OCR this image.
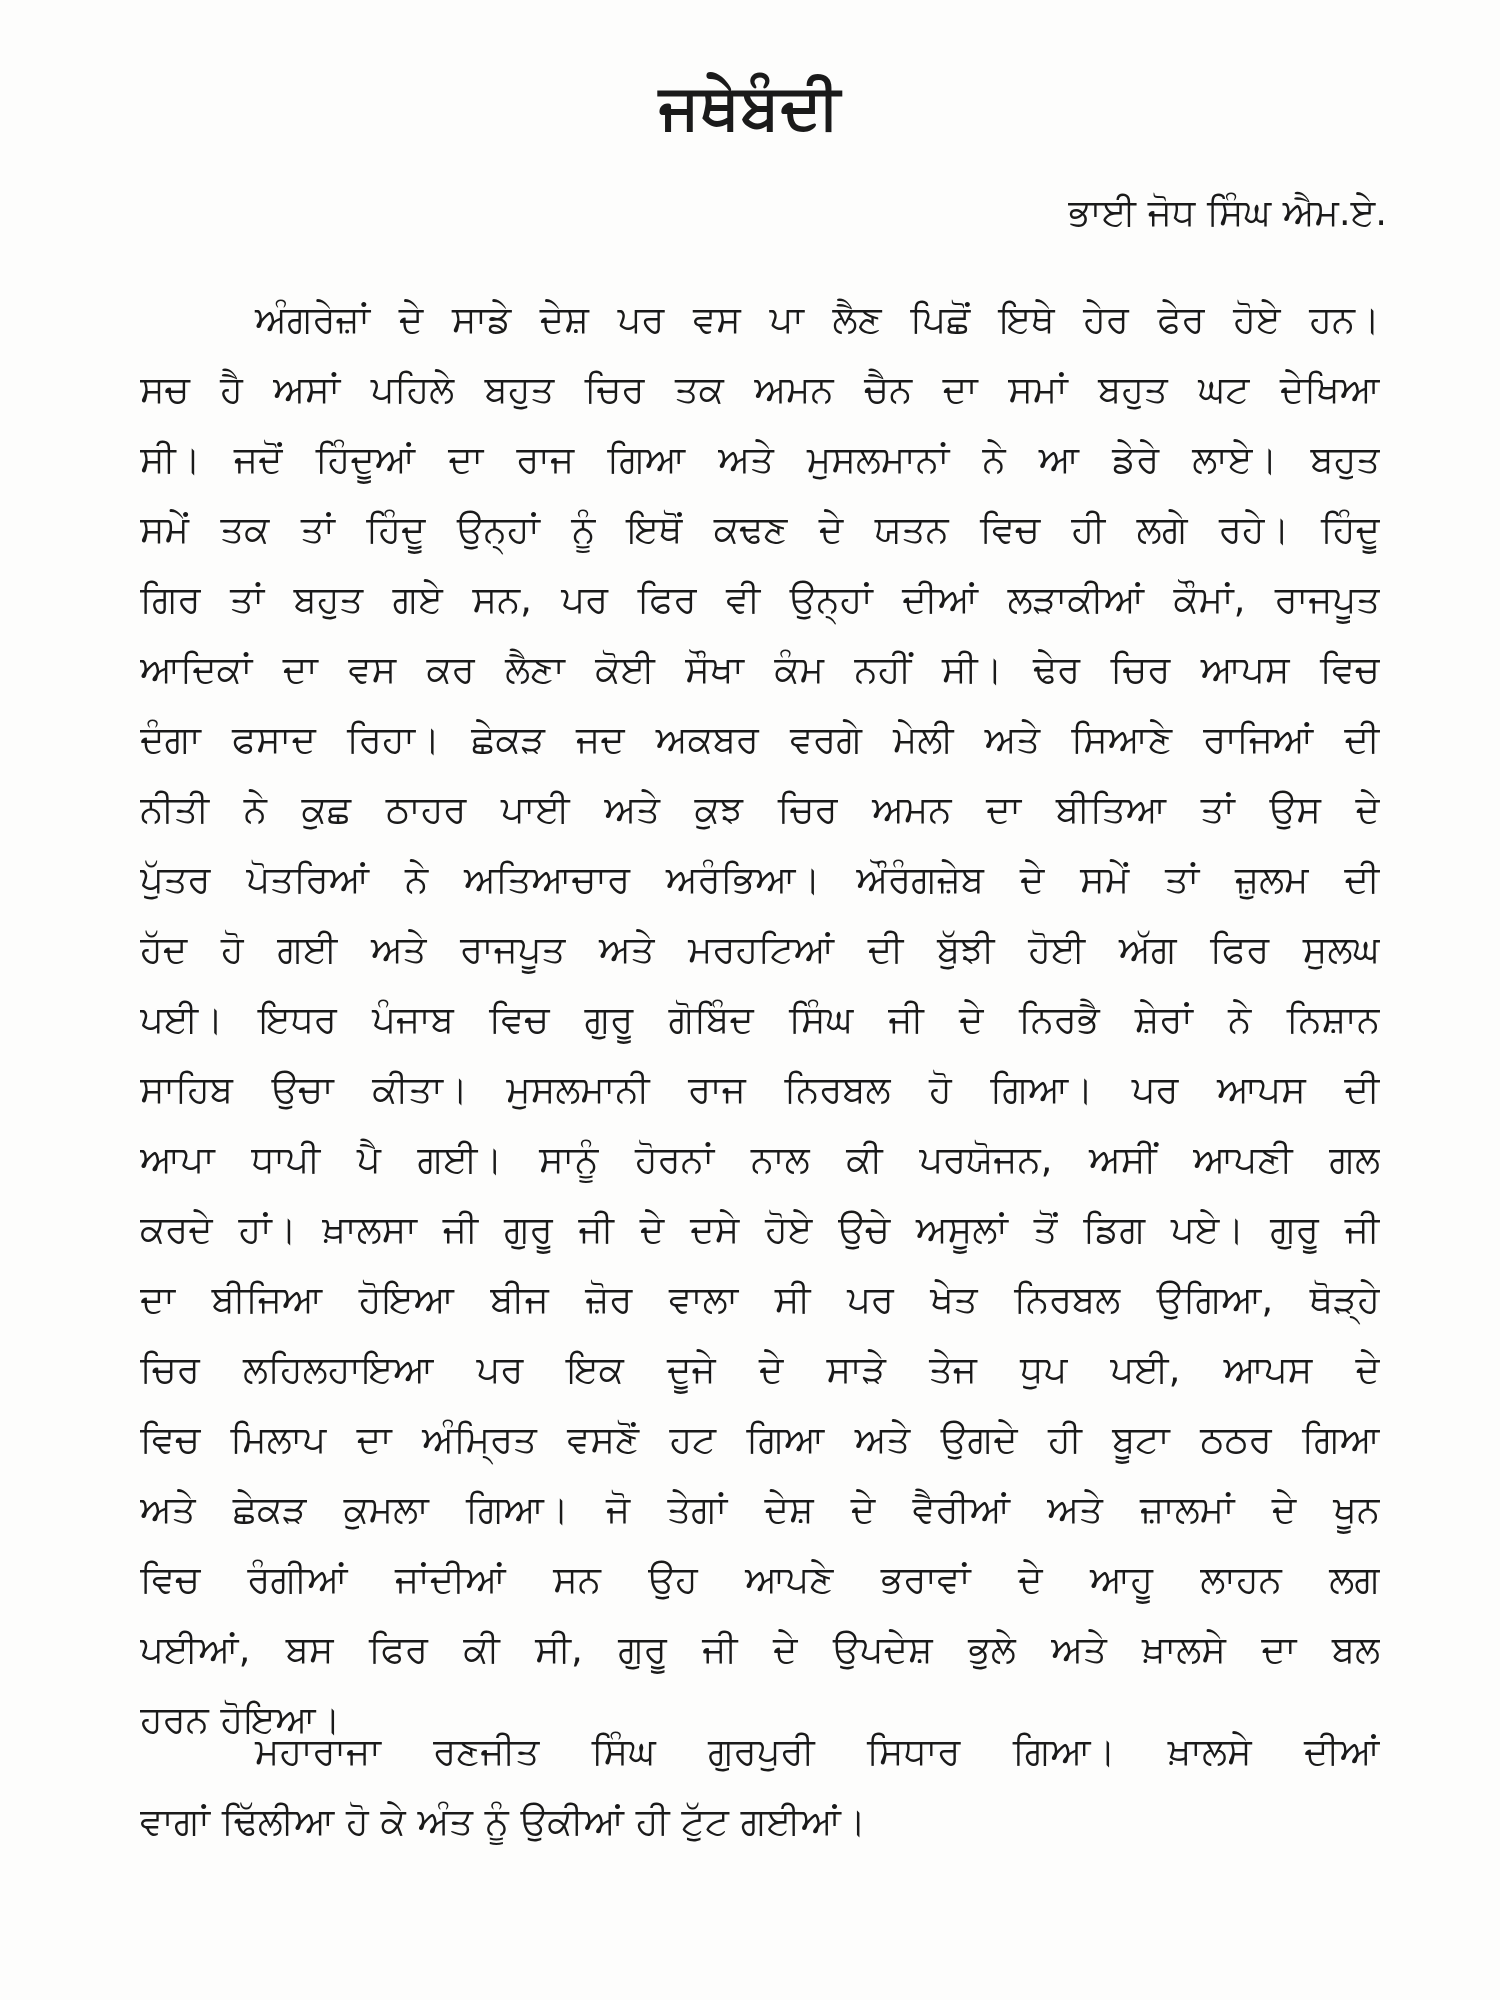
ਜਥੇਬੰਦੀ
ਭਾਈ ਜੋਧ ਸਿੰਘ ਐਮ.ਏ.
ਅੰਗਰੇਜ਼ਾਂ ਦੇ ਸਾਡੇ ਦੇਸ਼ ਪਰ ਵਸ ਪਾ ਲੈਣ ਪਿਛੋਂ ਇਥੇ ਹੇਰ ਫੇਰ ਹੋਏ ਹਨ।
ਸਚ ਹੈ ਅਸਾਂ ਪਹਿਲੇ ਬਹੁਤ ਚਿਰ ਤਕ ਅਮਨ ਚੈਨ ਦਾ ਸਮਾਂ ਬਹੁਤ ਘਟ ਦੇਖਿਆ
ਸੀ। ਜਦੋਂ ਹਿੰਦੂਆਂ ਦਾ ਰਾਜ ਗਿਆ ਅਤੇ ਮੁਸਲਮਾਨਾਂ ਨੇ ਆ ਡੇਰੇ ਲਾਏ। ਬਹੁਤ
ਸਮੇਂ ਤਕ ਤਾਂ ਹਿੰਦੂ ਉਨ੍ਹਾਂ ਨੂੰ ਇਥੋਂ ਕਢਣ ਦੇ ਯਤਨ ਵਿਚ ਹੀ ਲਗੇ ਰਹੇ। ਹਿੰਦੂ
ਗਿਰ ਤਾਂ ਬਹੁਤ ਗਏ ਸਨ, ਪਰ ਫਿਰ ਵੀ ਉਨ੍ਹਾਂ ਦੀਆਂ ਲੜਾਕੀਆਂ ਕੌਮਾਂ, ਰਾਜਪੂਤ
ਆਦਿਕਾਂ ਦਾ ਵਸ ਕਰ ਲੈਣਾ ਕੋਈ ਸੌਖਾ ਕੰਮ ਨਹੀਂ ਸੀ। ਢੇਰ ਚਿਰ ਆਪਸ ਵਿਚ
ਦੰਗਾ ਫਸਾਦ ਰਿਹਾ। ਛੇਕੜ ਜਦ ਅਕਬਰ ਵਰਗੇ ਮੇਲੀ ਅਤੇ ਸਿਆਣੇ ਰਾਜਿਆਂ ਦੀ
ਨੀਤੀ ਨੇ ਕੁਛ ਠਾਹਰ ਪਾਈ ਅਤੇ ਕੁਝ ਚਿਰ ਅਮਨ ਦਾ ਬੀਤਿਆ ਤਾਂ ਉਸ ਦੇ
ਪੁੱਤਰ ਪੋਤਰਿਆਂ ਨੇ ਅਤਿਆਚਾਰ ਅਰੰਭਿਆ। ਔਰੰਗਜ਼ੇਬ ਦੇ ਸਮੇਂ ਤਾਂ ਜ਼ੁਲਮ ਦੀ
ਹੱਦ ਹੋ ਗਈ ਅਤੇ ਰਾਜਪੂਤ ਅਤੇ ਮਰਹਟਿਆਂ ਦੀ ਬੁੱਝੀ ਹੋਈ ਅੱਗ ਫਿਰ ਸੁਲਘ
ਪਈ। ਇਧਰ ਪੰਜਾਬ ਵਿਚ ਗੁਰੂ ਗੋਬਿੰਦ ਸਿੰਘ ਜੀ ਦੇ ਨਿਰਭੈ ਸ਼ੇਰਾਂ ਨੇ ਨਿਸ਼ਾਨ
ਸਾਹਿਬ ਉਚਾ ਕੀਤਾ। ਮੁਸਲਮਾਨੀ ਰਾਜ ਨਿਰਬਲ ਹੋ ਗਿਆ। ਪਰ ਆਪਸ ਦੀ
ਆਪਾ ਧਾਪੀ ਪੈ ਗਈ। ਸਾਨੂੰ ਹੋਰਨਾਂ ਨਾਲ ਕੀ ਪਰਯੋਜਨ, ਅਸੀਂ ਆਪਣੀ ਗਲ
ਕਰਦੇ ਹਾਂ। ਖ਼ਾਲਸਾ ਜੀ ਗੁਰੂ ਜੀ ਦੇ ਦਸੇ ਹੋਏ ਉਚੇ ਅਸੂਲਾਂ ਤੋਂ ਡਿਗ ਪਏ। ਗੁਰੂ ਜੀ
ਦਾ ਬੀਜਿਆ ਹੋਇਆ ਬੀਜ ਜ਼ੋਰ ਵਾਲਾ ਸੀ ਪਰ ਖੇਤ ਨਿਰਬਲ ਉਗਿਆ, ਥੋੜ੍ਹੇ
ਚਿਰ ਲਹਿਲਹਾਇਆ ਪਰ ਇਕ ਦੂਜੇ ਦੇ ਸਾੜੇ ਤੇਜ ਧੁਪ ਪਈ, ਆਪਸ ਦੇ
ਵਿਚ ਮਿਲਾਪ ਦਾ ਅੰਮ੍ਰਿਤ ਵਸਣੋਂ ਹਟ ਗਿਆ ਅਤੇ ਉਗਦੇ ਹੀ ਬੂਟਾ ਠਠਰ ਗਿਆ
ਅਤੇ ਛੇਕੜ ਕੁਮਲਾ ਗਿਆ। ਜੋ ਤੇਗਾਂ ਦੇਸ਼ ਦੇ ਵੈਰੀਆਂ ਅਤੇ ਜ਼ਾਲਮਾਂ ਦੇ ਖੂਨ
ਵਿਚ ਰੰਗੀਆਂ ਜਾਂਦੀਆਂ ਸਨ ਉਹ ਆਪਣੇ ਭਰਾਵਾਂ ਦੇ ਆਹੂ ਲਾਹਨ ਲਗ
ਪਈਆਂ, ਬਸ ਫਿਰ ਕੀ ਸੀ, ਗੁਰੂ ਜੀ ਦੇ ਉਪਦੇਸ਼ ਭੁਲੇ ਅਤੇ ਖ਼ਾਲਸੇ ਦਾ ਬਲ
ਹਰਨ ਹੋਇਆ।
ਮਹਾਰਾਜਾ ਰਣਜੀਤ ਸਿੰਘ ਗੁਰਪੁਰੀ ਸਿਧਾਰ ਗਿਆ। ਖ਼ਾਲਸੇ ਦੀਆਂ
ਵਾਗਾਂ ਢਿੱਲੀਆ ਹੋ ਕੇ ਅੰਤ ਨੂੰ ਉਕੀਆਂ ਹੀ ਟੁੱਟ ਗਈਆਂ।
